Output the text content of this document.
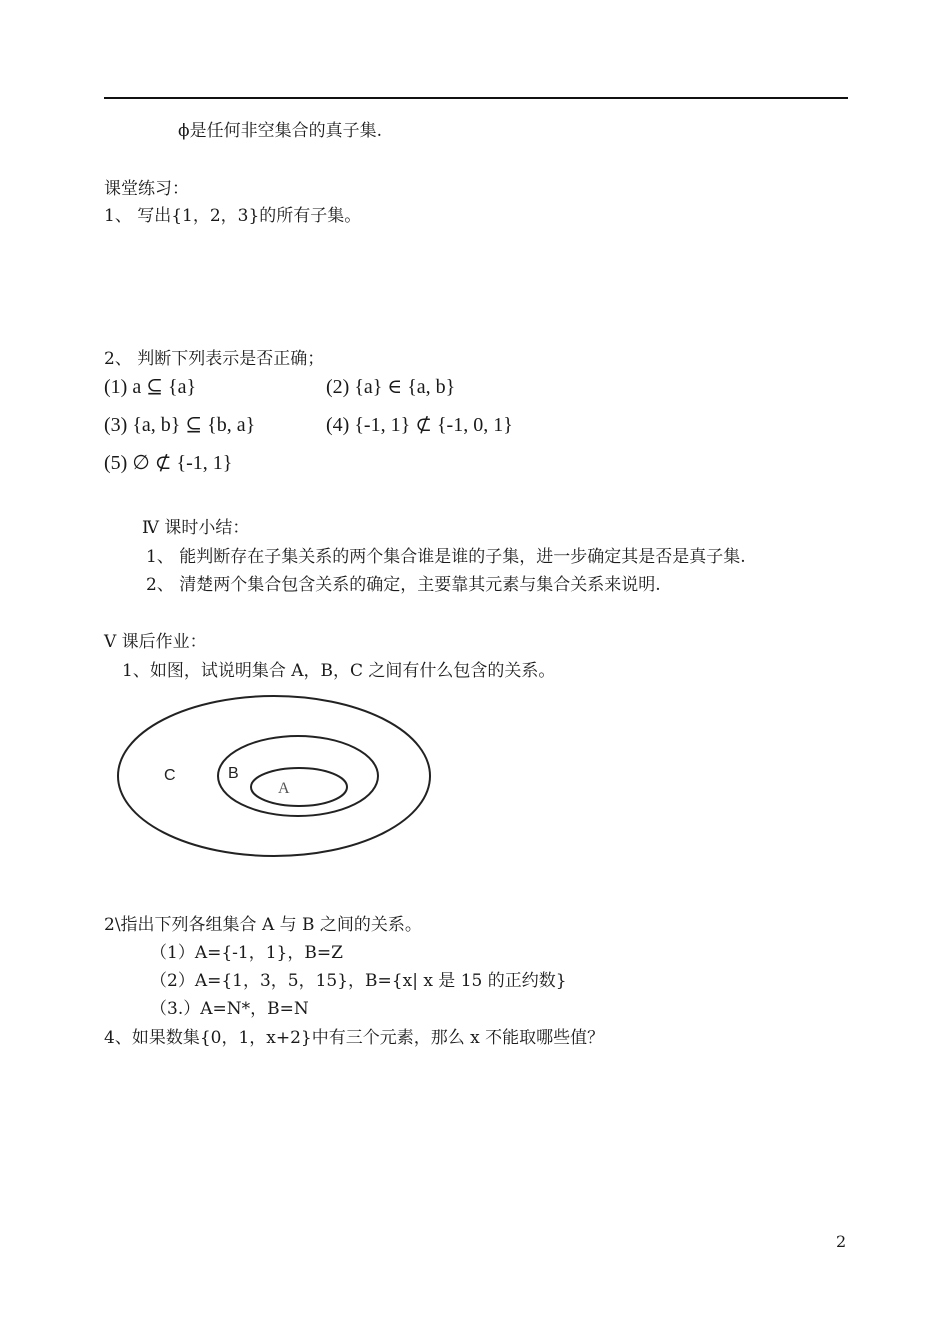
ϕ是任何非空集合的真子集.
课堂练习：
1、 写出{1，2，3}的所有子集。
2、 判断下列表示是否正确；
(1) a ⊆ {a}	(2) {a} ∈ {a, b}
(3) {a, b} ⊆ {b, a}	(4) {-1, 1} ⊄ {-1, 0, 1}
(5) ∅ ⊄ {-1, 1}
Ⅳ 课时小结：
1、 能判断存在子集关系的两个集合谁是谁的子集，进一步确定其是否是真子集.
2、 清楚两个集合包含关系的确定，主要靠其元素与集合关系来说明.
Ⅴ 课后作业：
1、如图，试说明集合 A，B，C 之间有什么包含的关系。
C	B
A
2\指出下列各组集合 A 与 B 之间的关系。
（1）A={-1，1}，B=Z
（2）A={1，3，5，15}，B={x| x 是 15 的正约数}
（3.）A=N*，B=N
4、如果数集{0，1，x+2}中有三个元素，那么 x 不能取哪些值？
2
